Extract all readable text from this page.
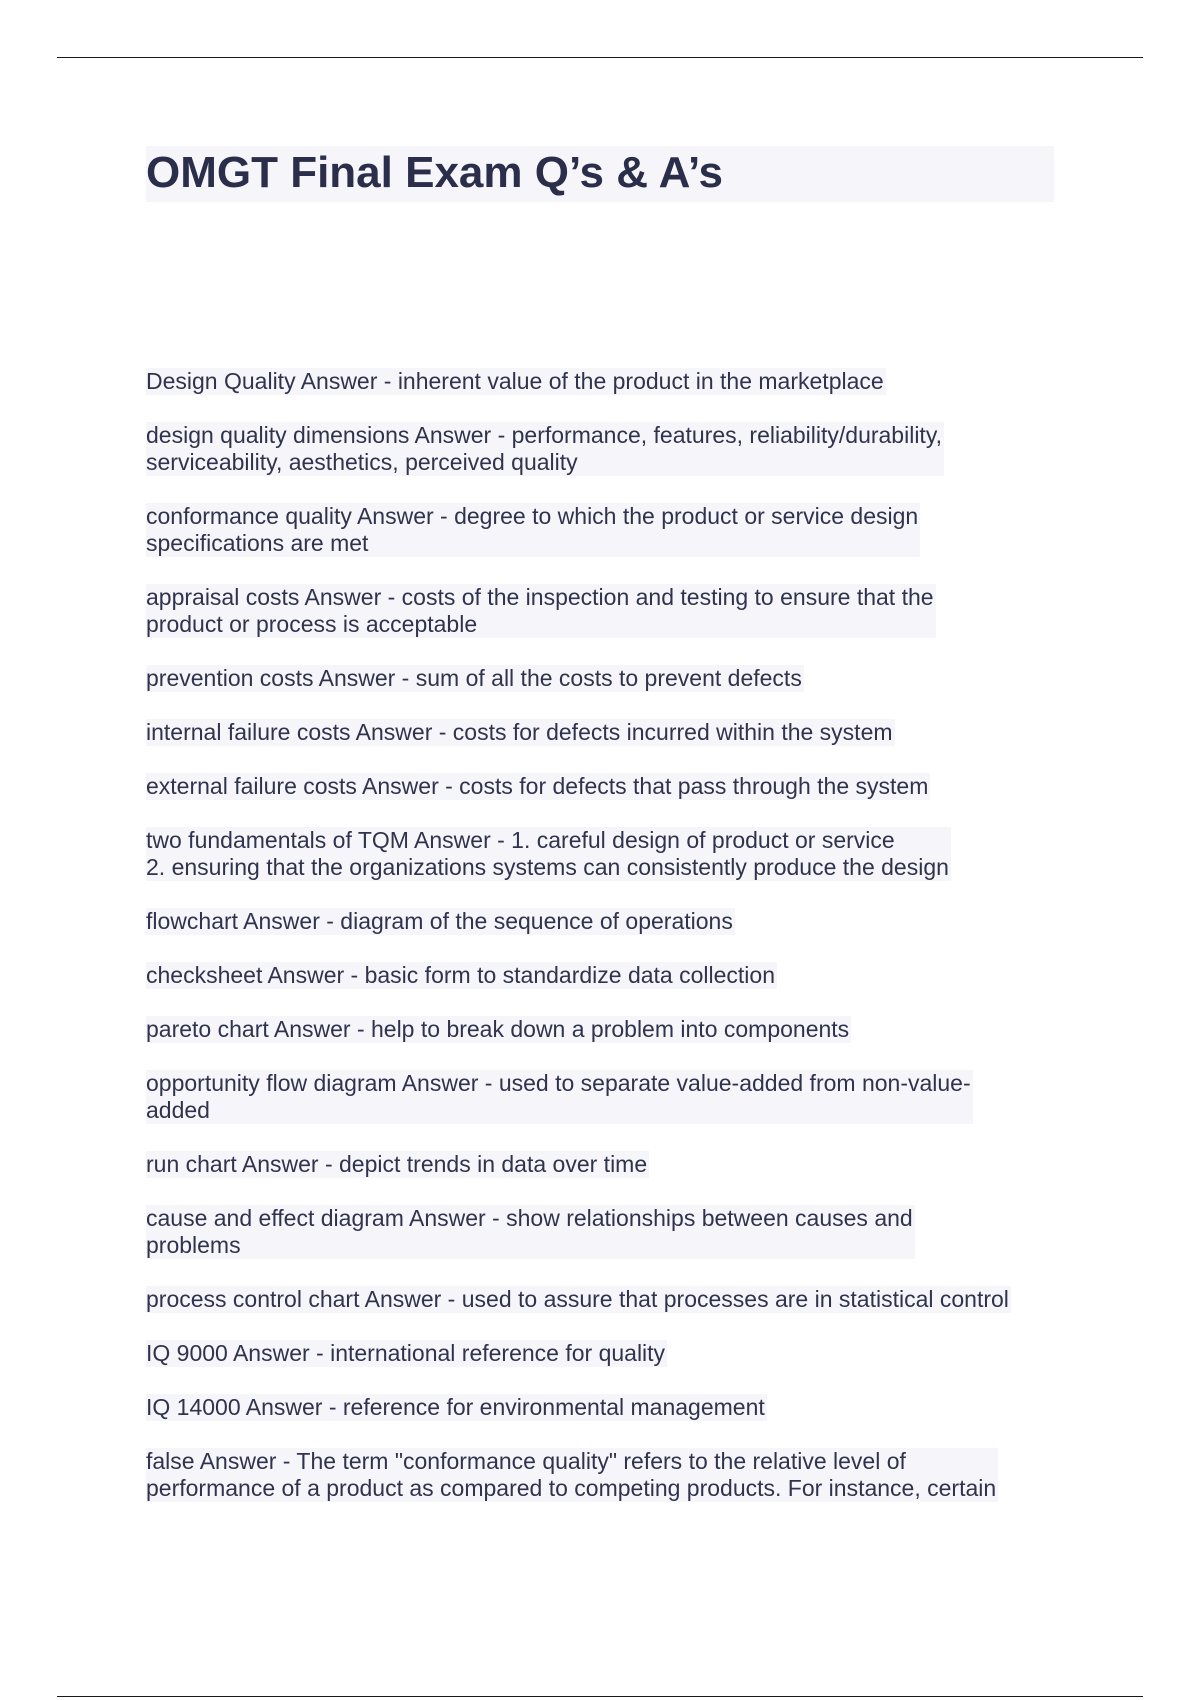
OMGT Final Exam Q’s & A’s

Design Quality Answer - inherent value of the product in the marketplace

design quality dimensions Answer - performance, features, reliability/durability,
serviceability, aesthetics, perceived quality

conformance quality Answer - degree to which the product or service design
specifications are met

appraisal costs Answer - costs of the inspection and testing to ensure that the
product or process is acceptable

prevention costs Answer - sum of all the costs to prevent defects

internal failure costs Answer - costs for defects incurred within the system

external failure costs Answer - costs for defects that pass through the system

two fundamentals of TQM Answer - 1. careful design of product or service
2. ensuring that the organizations systems can consistently produce the design

flowchart Answer - diagram of the sequence of operations

checksheet Answer - basic form to standardize data collection

pareto chart Answer - help to break down a problem into components

opportunity flow diagram Answer - used to separate value-added from non-value-
added

run chart Answer - depict trends in data over time

cause and effect diagram Answer - show relationships between causes and
problems

process control chart Answer - used to assure that processes are in statistical control

IQ 9000 Answer - international reference for quality

IQ 14000 Answer - reference for environmental management

false Answer - The term "conformance quality" refers to the relative level of
performance of a product as compared to competing products. For instance, certain
